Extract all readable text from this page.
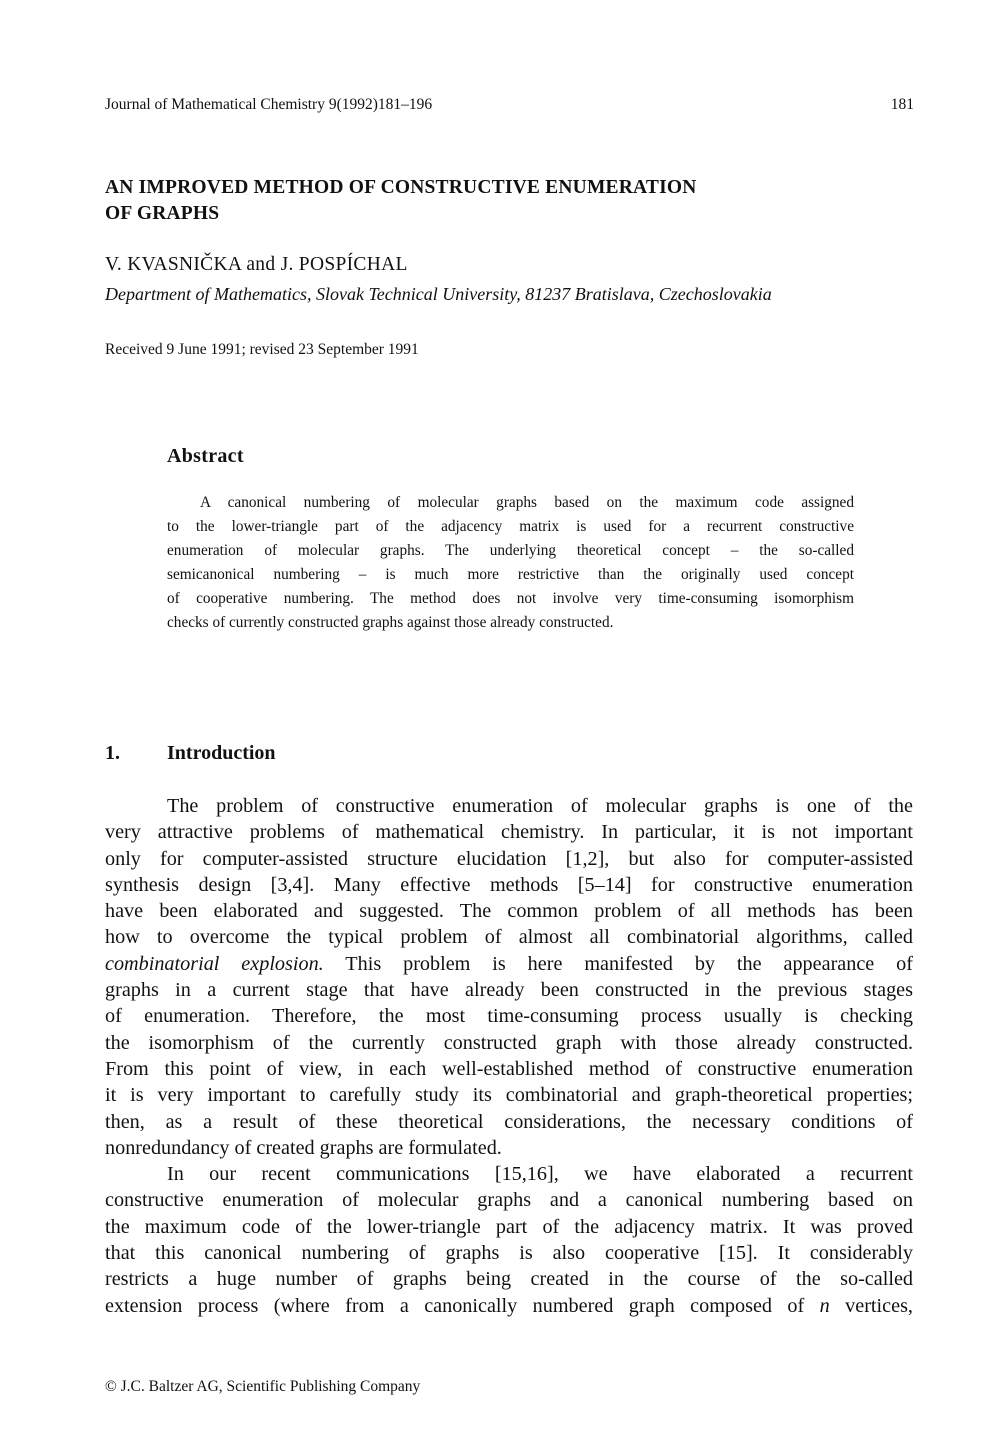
Journal of Mathematical Chemistry 9(1992)181–196	181
AN IMPROVED METHOD OF CONSTRUCTIVE ENUMERATION
OF GRAPHS
V. KVASNIČKA and J. POSPÍCHAL
Department of Mathematics, Slovak Technical University, 81237 Bratislava, Czechoslovakia
Received 9 June 1991; revised 23 September 1991
Abstract

A canonical numbering of molecular graphs based on the maximum code assigned
to the lower-triangle part of the adjacency matrix is used for a recurrent constructive
enumeration of molecular graphs. The underlying theoretical concept – the so-called
semicanonical numbering – is much more restrictive than the originally used concept
of cooperative numbering. The method does not involve very time-consuming isomorphism
checks of currently constructed graphs against those already constructed.

1.	Introduction

The problem of constructive enumeration of molecular graphs is one of the
very attractive problems of mathematical chemistry. In particular, it is not important
only for computer-assisted structure elucidation [1,2], but also for computer-assisted
synthesis design [3,4]. Many effective methods [5–14] for constructive enumeration
have been elaborated and suggested. The common problem of all methods has been
how to overcome the typical problem of almost all combinatorial algorithms, called
combinatorial explosion. This problem is here manifested by the appearance of
graphs in a current stage that have already been constructed in the previous stages
of enumeration. Therefore, the most time-consuming process usually is checking
the isomorphism of the currently constructed graph with those already constructed.
From this point of view, in each well-established method of constructive enumeration
it is very important to carefully study its combinatorial and graph-theoretical properties;
then, as a result of these theoretical considerations, the necessary conditions of
nonredundancy of created graphs are formulated.
In our recent communications [15,16], we have elaborated a recurrent
constructive enumeration of molecular graphs and a canonical numbering based on
the maximum code of the lower-triangle part of the adjacency matrix. It was proved
that this canonical numbering of graphs is also cooperative [15]. It considerably
restricts a huge number of graphs being created in the course of the so-called
extension process (where from a canonically numbered graph composed of n vertices,

© J.C. Baltzer AG, Scientific Publishing Company
